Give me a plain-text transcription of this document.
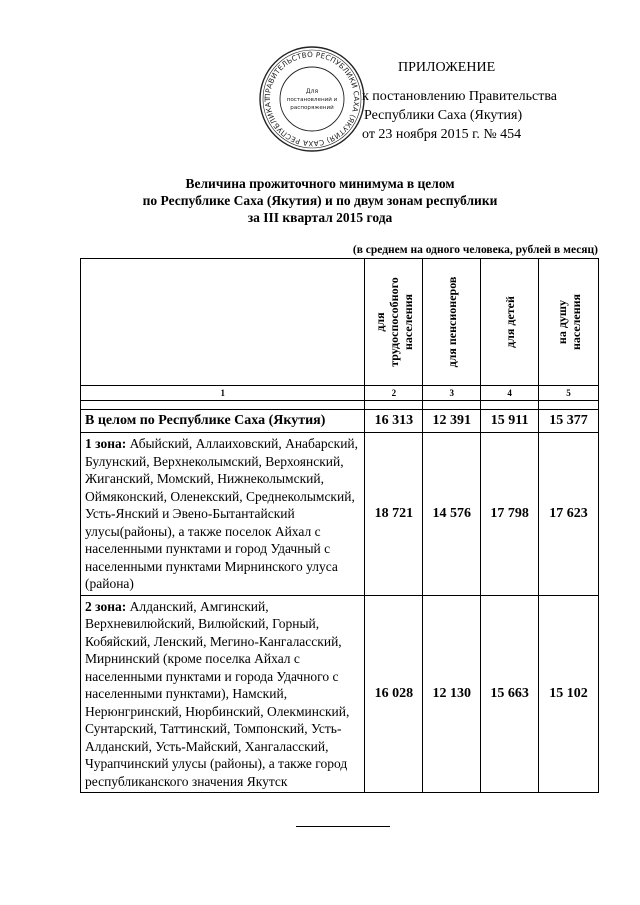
ПРАВИТЕЛЬСТВО РЕСПУБЛИКИ САХА (ЯКУТИЯ) САХА РЕСПУБЛИКАТ
Для
постановлений и
распоряжений
ПРИЛОЖЕНИЕ
к постановлению Правительства
Республики Саха (Якутия)
от 23 ноября 2015 г. № 454
Величина прожиточного минимума в целом
по Республике Саха (Якутия) и по двум зонам республики
за III квартал 2015 года
(в среднем на одного человека, рублей в месяц)

	для трудоспособного населения	для пенсионеров	для детей	на душу населения

1	2	3	4	5

В целом по Республике Саха (Якутия)	16 313	12 391	15 911	15 377
1 зона: Абыйский, Аллаиховский, Анабарский, Булунский, Верхнеколымский, Верхоянский, Жиганский, Момский, Нижнеколымский, Оймяконский, Оленекский, Среднеколымский, Усть-Янский и Эвено-Бытантайский улусы(районы), а также поселок Айхал с населенными пунктами и город Удачный с населенными пунктами Мирнинского улуса (района)	18 721	14 576	17 798	17 623
2 зона: Алданский, Амгинский, Верхневилюйский, Вилюйский, Горный, Кобяйский, Ленский, Мегино-Кангаласский, Мирнинский (кроме поселка Айхал с населенными пунктами и города Удачного с населенными пунктами), Намский, Нерюнгринский, Нюрбинский, Олекминский, Сунтарский, Таттинский, Томпонский, Усть-Алданский, Усть-Майский, Хангаласский, Чурапчинский улусы (районы), а также город республиканского значения Якутск	16 028	12 130	15 663	15 102
